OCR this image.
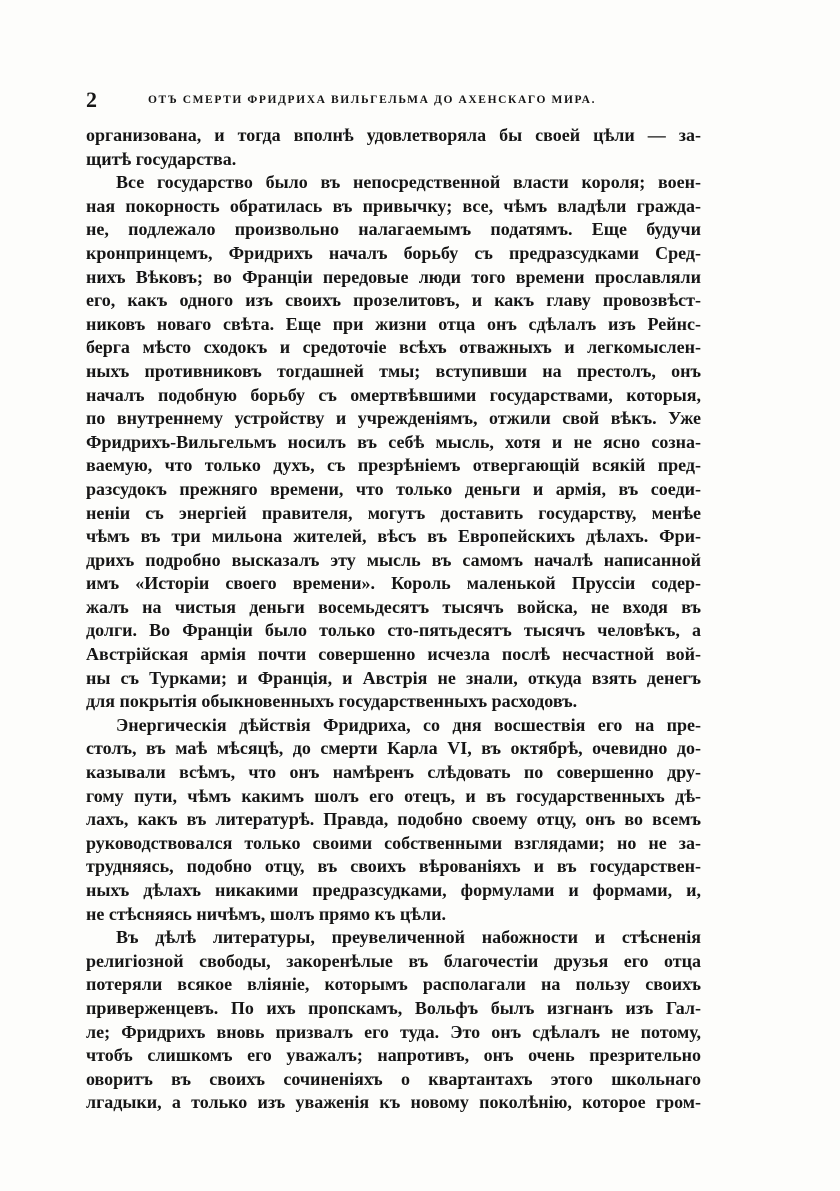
2	ОТЪ СМЕРТИ ФРИДРИХА ВИЛЬГЕЛЬМА ДО АХЕНСКАГО МИРА.
организована, и тогда вполнѣ удовлетворяла бы своей цѣли — за-
щитѣ государства.
Все государство было въ непосредственной власти короля; воен-
ная покорность обратилась въ привычку; все, чѣмъ владѣли гражда-
не, подлежало произвольно налагаемымъ податямъ. Еще будучи
кронпринцемъ, Фридрихъ началъ борьбу съ предразсудками Сред-
нихъ Вѣковъ; во Франціи передовые люди того времени прославляли
его, какъ одного изъ своихъ прозелитовъ, и какъ главу провозвѣст-
никовъ новаго свѣта. Еще при жизни отца онъ сдѣлалъ изъ Рейнс-
берга мѣсто сходокъ и средоточіе всѣхъ отважныхъ и легкомыслен-
ныхъ противниковъ тогдашней тмы; вступивши на престолъ, онъ
началъ подобную борьбу съ омертвѣвшими государствами, которыя,
по внутреннему устройству и учрежденіямъ, отжили свой вѣкъ. Уже
Фридрихъ-Вильгельмъ носилъ въ себѣ мысль, хотя и не ясно созна-
ваемую, что только духъ, съ презрѣніемъ отвергающій всякій пред-
разсудокъ прежняго времени, что только деньги и армія, въ соеди-
неніи съ энергіей правителя, могутъ доставить государству, менѣе
чѣмъ въ три мильона жителей, вѣсъ въ Европейскихъ дѣлахъ. Фри-
дрихъ подробно высказалъ эту мысль въ самомъ началѣ написанной
имъ «Исторіи своего времени». Король маленькой Пруссіи содер-
жалъ на чистыя деньги восемьдесятъ тысячъ войска, не входя въ
долги. Во Франціи было только сто-пятьдесятъ тысячъ человѣкъ, а
Австрійская армія почти совершенно исчезла послѣ несчастной вой-
ны съ Турками; и Франція, и Австрія не знали, откуда взять денегъ
для покрытія обыкновенныхъ государственныхъ расходовъ.
Энергическія дѣйствія Фридриха, со дня восшествія его на пре-
столъ, въ маѣ мѣсяцѣ, до смерти Карла VI, въ октябрѣ, очевидно до-
казывали всѣмъ, что онъ намѣренъ слѣдовать по совершенно дру-
гому пути, чѣмъ какимъ шолъ его отецъ, и въ государственныхъ дѣ-
лахъ, какъ въ литературѣ. Правда, подобно своему отцу, онъ во всемъ
руководствовался только своими собственными взглядами; но не за-
трудняясь, подобно отцу, въ своихъ вѣрованіяхъ и въ государствен-
ныхъ дѣлахъ никакими предразсудками, формулами и формами, и,
не стѣсняясь ничѣмъ, шолъ прямо къ цѣли.
Въ дѣлѣ литературы, преувеличенной набожности и стѣсненія
религіозной свободы, закоренѣлые въ благочестіи друзья его отца
потеряли всякое вліяніе, которымъ располагали на пользу своихъ
приверженцевъ. По ихъ пропскамъ, Вольфъ былъ изгнанъ изъ Гал-
ле; Фридрихъ вновь призвалъ его туда. Это онъ сдѣлалъ не потому,
чтобъ слишкомъ его уважалъ; напротивъ, онъ очень презрительно
оворитъ въ своихъ сочиненіяхъ о квартантахъ этого школьнаго
лгадыки, а только изъ уваженія къ новому поколѣнію, которое гром-
